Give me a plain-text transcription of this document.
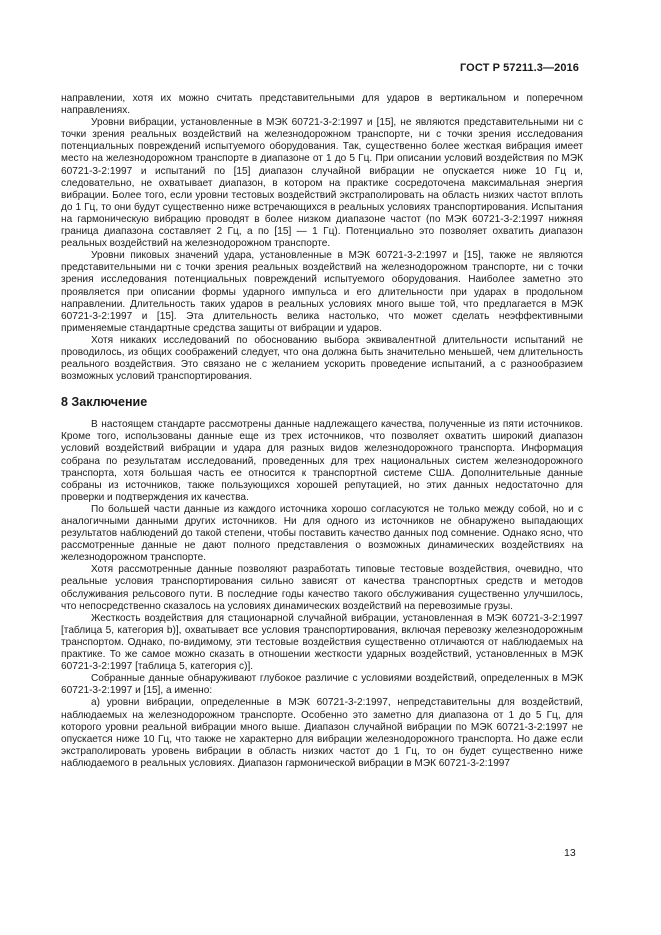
ГОСТ Р 57211.3—2016

направлении, хотя их можно считать представительными для ударов в вертикальном и поперечном направлениях.

Уровни вибрации, установленные в МЭК 60721-3-2:1997 и [15], не являются представительными ни с точки зрения реальных воздействий на железнодорожном транспорте, ни с точки зрения исследования потенциальных повреждений испытуемого оборудования. Так, существенно более жесткая вибрация имеет место на железнодорожном транспорте в диапазоне от 1 до 5 Гц. При описании условий воздействия по МЭК 60721-3-2:1997 и испытаний по [15] диапазон случайной вибрации не опускается ниже 10 Гц и, следовательно, не охватывает диапазон, в котором на практике сосредоточена максимальная энергия вибрации. Более того, если уровни тестовых воздействий экстраполировать на область низких частот вплоть до 1 Гц, то они будут существенно ниже встречающихся в реальных условиях транспортирования. Испытания на гармоническую вибрацию проводят в более низком диапазоне частот (по МЭК 60721-3-2:1997 нижняя граница диапазона составляет 2 Гц, а по [15] — 1 Гц). Потенциально это позволяет охватить диапазон реальных воздействий на железнодорожном транспорте.

Уровни пиковых значений удара, установленные в МЭК 60721-3-2:1997 и [15], также не являются представительными ни с точки зрения реальных воздействий на железнодорожном транспорте, ни с точки зрения исследования потенциальных повреждений испытуемого оборудования. Наиболее заметно это проявляется при описании формы ударного импульса и его длительности при ударах в продольном направлении. Длительность таких ударов в реальных условиях много выше той, что предлагается в МЭК 60721-3-2:1997 и [15]. Эта длительность велика настолько, что может сделать неэффективными применяемые стандартные средства защиты от вибрации и ударов.

Хотя никаких исследований по обоснованию выбора эквивалентной длительности испытаний не проводилось, из общих соображений следует, что она должна быть значительно меньшей, чем длительность реального воздействия. Это связано не с желанием ускорить проведение испытаний, а с разнообразием возможных условий транспортирования.

8 Заключение

В настоящем стандарте рассмотрены данные надлежащего качества, полученные из пяти источников. Кроме того, использованы данные еще из трех источников, что позволяет охватить широкий диапазон условий воздействий вибрации и удара для разных видов железнодорожного транспорта. Информация собрана по результатам исследований, проведенных для трех национальных систем железнодорожного транспорта, хотя большая часть ее относится к транспортной системе США. Дополнительные данные собраны из источников, также пользующихся хорошей репутацией, но этих данных недостаточно для проверки и подтверждения их качества.

По большей части данные из каждого источника хорошо согласуются не только между собой, но и с аналогичными данными других источников. Ни для одного из источников не обнаружено выпадающих результатов наблюдений до такой степени, чтобы поставить качество данных под сомнение. Однако ясно, что рассмотренные данные не дают полного представления о возможных динамических воздействиях на железнодорожном транспорте.

Хотя рассмотренные данные позволяют разработать типовые тестовые воздействия, очевидно, что реальные условия транспортирования сильно зависят от качества транспортных средств и методов обслуживания рельсового пути. В последние годы качество такого обслуживания существенно улучшилось, что непосредственно сказалось на условиях динамических воздействий на перевозимые грузы.

Жесткость воздействия для стационарной случайной вибрации, установленная в МЭК 60721-3-2:1997 [таблица 5, категория b)], охватывает все условия транспортирования, включая перевозку железнодорожным транспортом. Однако, по-видимому, эти тестовые воздействия существенно отличаются от наблюдаемых на практике. То же самое можно сказать в отношении жесткости ударных воздействий, установленных в МЭК 60721-3-2:1997 [таблица 5, категория с)].

Собранные данные обнаруживают глубокое различие с условиями воздействий, определенных в МЭК 60721-3-2:1997 и [15], а именно:

а) уровни вибрации, определенные в МЭК 60721-3-2:1997, непредставительны для воздействий, наблюдаемых на железнодорожном транспорте. Особенно это заметно для диапазона от 1 до 5 Гц, для которого уровни реальной вибрации много выше. Диапазон случайной вибрации по МЭК 60721-3-2:1997 не опускается ниже 10 Гц, что также не характерно для вибрации железнодорожного транспорта. Но даже если экстраполировать уровень вибрации в область низких частот до 1 Гц, то он будет существенно ниже наблюдаемого в реальных условиях. Диапазон гармонической вибрации в МЭК 60721-3-2:1997

13
